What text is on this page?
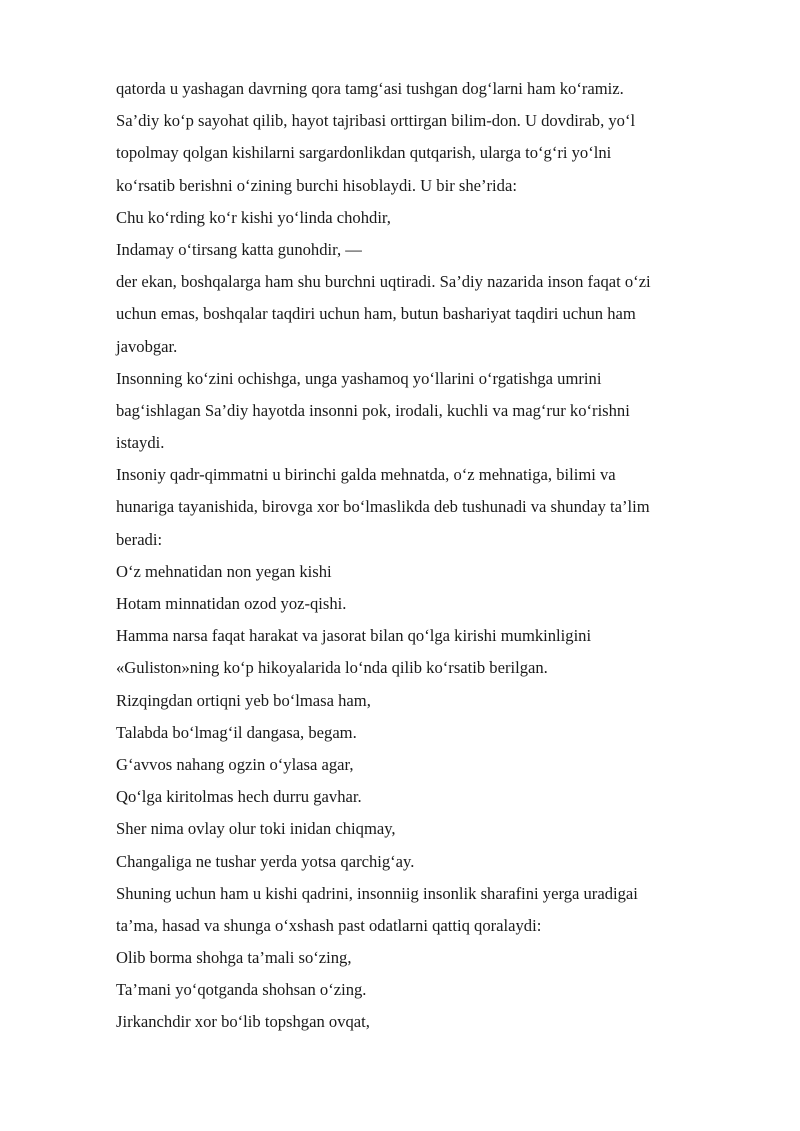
qatorda u yashagan davrning qora tamg‘asi tushgan dog‘larni ham ko‘ramiz.

Sa’diy ko‘p sayohat qilib, hayot tajribasi orttirgan bilim-don. U dovdirab, yo‘l

topolmay qolgan kishilarni sargardonlikdan qutqarish, ularga to‘g‘ri yo‘lni

ko‘rsatib berishni o‘zining burchi hisoblaydi. U bir she’rida:

Chu ko‘rding ko‘r kishi yo‘linda chohdir,

Indamay o‘tirsang katta gunohdir, —

der ekan, boshqalarga ham shu burchni uqtiradi. Sa’diy nazarida inson faqat o‘zi

uchun emas, boshqalar taqdiri uchun ham, butun bashariyat taqdiri uchun ham

javobgar.

Insonning ko‘zini ochishga, unga yashamoq yo‘llarini o‘rgatishga umrini

bag‘ishlagan Sa’diy hayotda insonni pok, irodali, kuchli va mag‘rur ko‘rishni

istaydi.

Insoniy qadr-qimmatni u birinchi galda mehnatda, o‘z mehnatiga, bilimi va

hunariga tayanishida, birovga xor bo‘lmaslikda deb tushunadi va shunday ta’lim

beradi:

O‘z mehnatidan non yegan kishi

Hotam minnatidan ozod yoz-qishi.

Hamma narsa faqat harakat va jasorat bilan qo‘lga kirishi mumkinligini

«Guliston»ning ko‘p hikoyalarida lo‘nda qilib ko‘rsatib berilgan.

Rizqingdan ortiqni yeb bo‘lmasa ham,

Talabda bo‘lmag‘il dangasa, begam.

G‘avvos nahang ogzin o‘ylasa agar,

Qo‘lga kiritolmas hech durru gavhar.

Sher nima ovlay olur toki inidan chiqmay,

Changaliga ne tushar yerda yotsa qarchig‘ay.

Shuning uchun ham u kishi qadrini, insonniig insonlik sharafini yerga uradigai

ta’ma, hasad va shunga o‘xshash past odatlarni qattiq qoralaydi:

Olib borma shohga ta’mali so‘zing,

Ta’mani yo‘qotganda shohsan o‘zing.

Jirkanchdir xor bo‘lib topshgan ovqat,
